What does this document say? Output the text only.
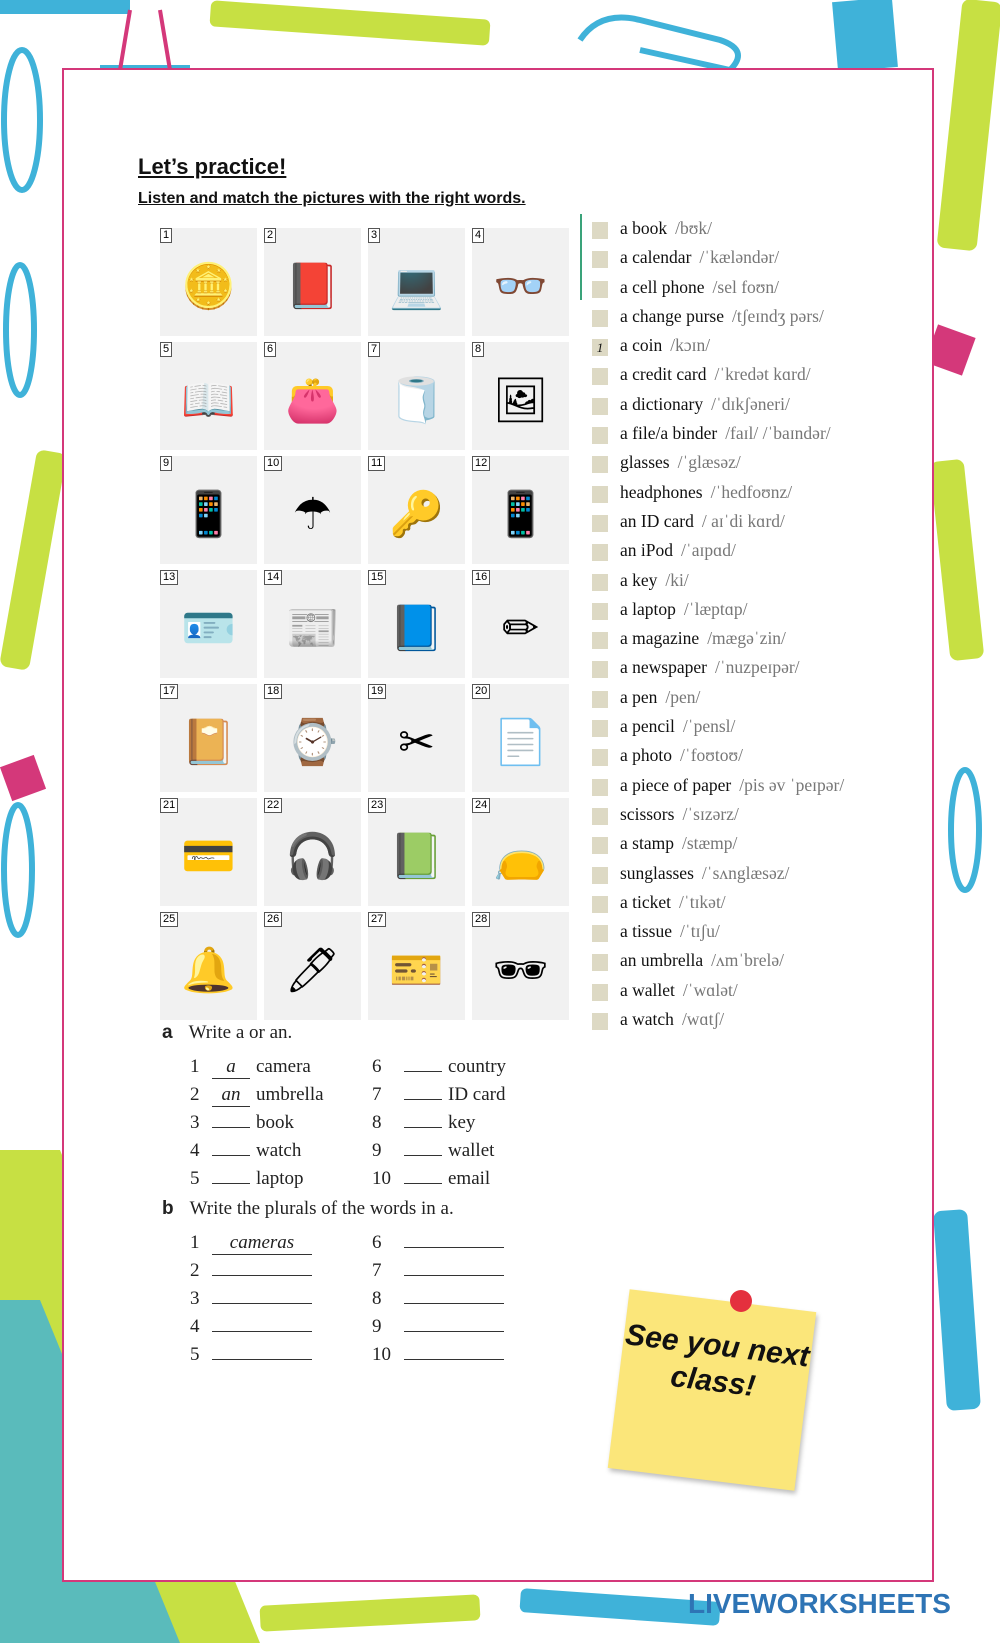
Let’s practice!
Listen and match the pictures with the right words.
1
🪙
2
📕
3
💻
4
👓
5
📖
6
👛
7
🧻
8
🖼
9
📱
10
☂
11
🔑
12
📱
13
🪪
14
📰
15
📘
16
✏
17
📔
18
⌚
19
✂
20
📄
21
💳
22
🎧
23
📗
24
👝
25
🔔
26
🖊
27
🎫
28
🕶
a book /bʊk/
a calendar /ˈkæləndər/
a cell phone /sel foʊn/
a change purse /tʃeɪndʒ pərs/
1 a coin /kɔɪn/
a credit card /ˈkredət kɑrd/
a dictionary /ˈdɪkʃəneri/
a file/a binder /faɪl/ /ˈbaɪndər/
glasses /ˈglæsəz/
headphones /ˈhedfoʊnz/
an ID card / aɪˈdi kɑrd/
an iPod /ˈaɪpɑd/
a key /ki/
a laptop /ˈlæptɑp/
a magazine /mægəˈzin/
a newspaper /ˈnuzpeɪpər/
a pen /pen/
a pencil /ˈpensl/
a photo /ˈfoʊtoʊ/
a piece of paper /pis əv ˈpeɪpər/
scissors /ˈsɪzərz/
a stamp /stæmp/
sunglasses /ˈsʌnglæsəz/
a ticket /ˈtɪkət/
a tissue /ˈtɪʃu/
an umbrella /ʌmˈbrelə/
a wallet /ˈwɑlət/
a watch /wɑtʃ/
a Write a or an.
1 a camera
2 an umbrella
3	book
4	watch
5	laptop
6	country
7	ID card
8	key
9	wallet
10	email
b Write the plurals of the words in a.
1 cameras
2
3
4
5
6
7
8
9
10	See you next class!
LIVEWORKSHEETS
